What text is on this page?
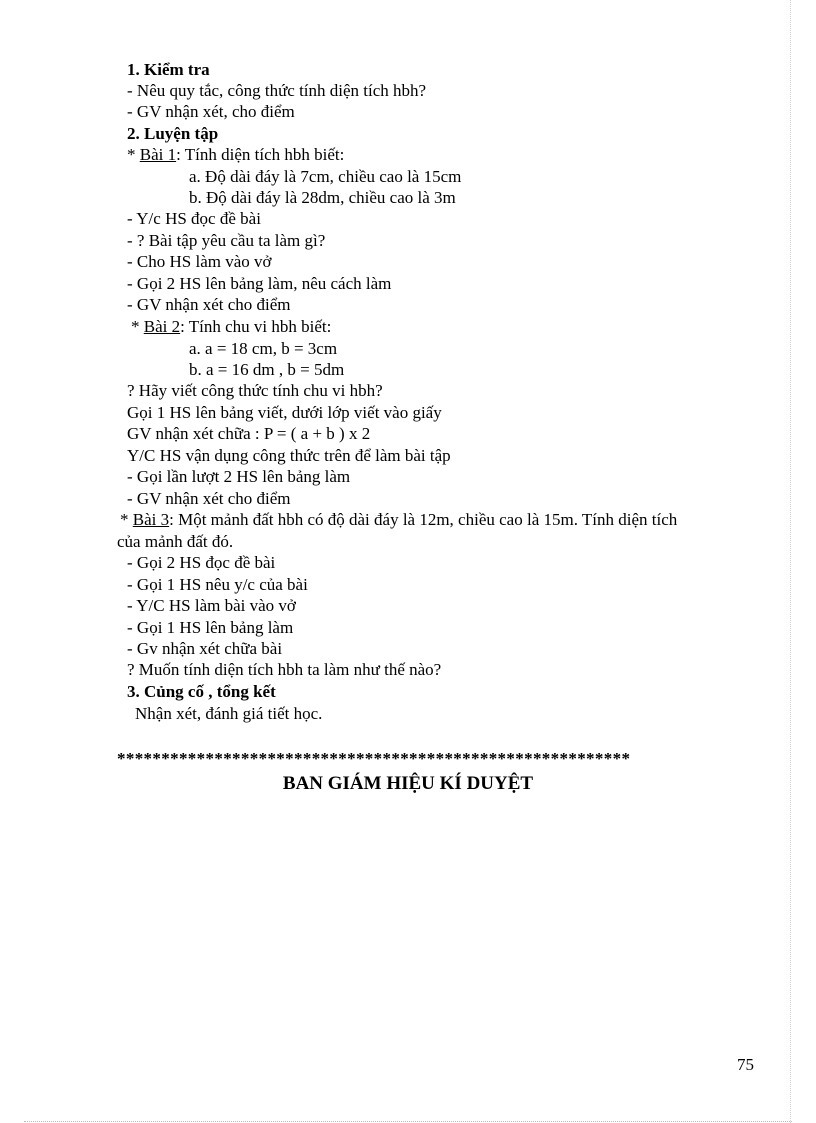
1. Kiểm tra
- Nêu quy tắc, công thức tính diện tích hbh?
- GV nhận xét, cho điểm
2. Luyện tập
* Bài 1: Tính diện tích hbh biết:
a. Độ dài đáy là 7cm, chiều cao là 15cm
b. Độ dài đáy là 28dm, chiều cao là 3m
- Y/c HS đọc đề bài
- ? Bài tập yêu cầu ta làm gì?
- Cho HS làm vào vở
- Gọi 2 HS lên bảng làm, nêu cách làm
- GV nhận xét cho điểm
* Bài 2: Tính chu vi hbh biết:
a. a = 18 cm, b = 3cm
b. a = 16 dm , b = 5dm
? Hãy viết công thức tính chu vi hbh?
Gọi 1 HS lên bảng viết, dưới lớp viết vào giấy
GV nhận xét chữa : P = ( a + b ) x 2
Y/C HS vận dụng công thức trên để làm bài tập
- Gọi lần lượt 2 HS lên bảng làm
- GV nhận xét cho điểm
* Bài 3: Một mảnh đất hbh có độ dài đáy là 12m, chiều cao là 15m. Tính diện tích
của mảnh đất đó.
- Gọi 2 HS đọc đề bài
- Gọi 1 HS nêu y/c của bài
- Y/C HS làm bài vào vở
- Gọi 1 HS lên bảng làm
- Gv nhận xét chữa bài
? Muốn tính diện tích hbh ta làm như thế nào?
3. Củng cố , tổng kết
Nhận xét, đánh giá tiết học.
**********************************************************
BAN GIÁM HIỆU KÍ DUYỆT
75
